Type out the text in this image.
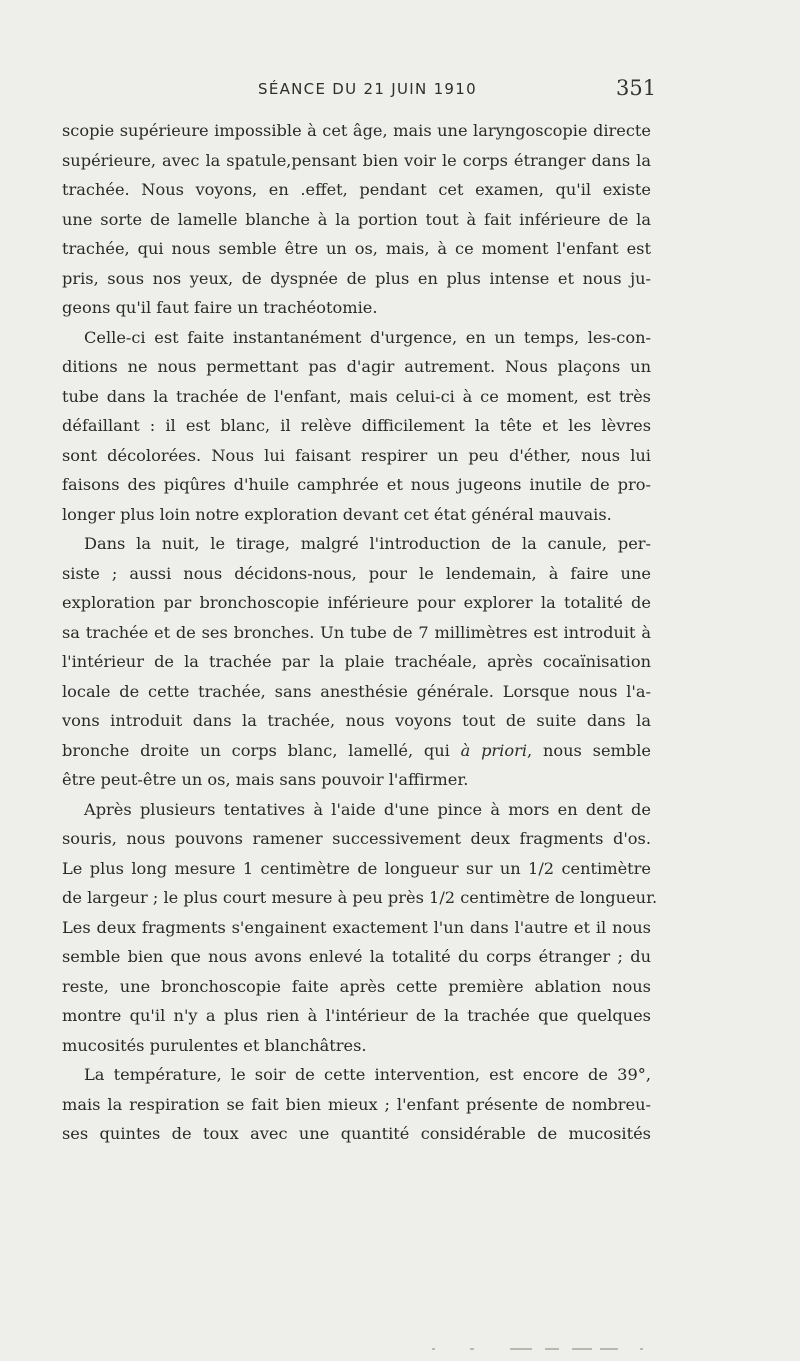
SÉANCE DU 21 JUIN 1910	351
scopie supérieure impossible à cet âge, mais une laryngoscopie directe
supérieure, avec la spatule,pensant bien voir le corps étranger dans la
trachée. Nous voyons, en .effet, pendant cet examen, qu'il existe
une sorte de lamelle blanche à la portion tout à fait inférieure de la
trachée, qui nous semble être un os, mais, à ce moment l'enfant est
pris, sous nos yeux, de dyspnée de plus en plus intense et nous ju-
geons qu'il faut faire un trachéotomie.
Celle-ci est faite instantanément d'urgence, en un temps, les-con-
ditions ne nous permettant pas d'agir autrement. Nous plaçons un
tube dans la trachée de l'enfant, mais celui-ci à ce moment, est très
défaillant : il est blanc, il relève difficilement la tête et les lèvres
sont décolorées. Nous lui faisant respirer un peu d'éther, nous lui
faisons des piqûres d'huile camphrée et nous jugeons inutile de pro-
longer plus loin notre exploration devant cet état général mauvais.
Dans la nuit, le tirage, malgré l'introduction de la canule, per-
siste ; aussi nous décidons-nous, pour le lendemain, à faire une
exploration par bronchoscopie inférieure pour explorer la totalité de
sa trachée et de ses bronches. Un tube de 7 millimètres est introduit à
l'intérieur de la trachée par la plaie trachéale, après cocaïnisation
locale de cette trachée, sans anesthésie générale. Lorsque nous l'a-
vons introduit dans la trachée, nous voyons tout de suite dans la
bronche droite un corps blanc, lamellé, qui à priori, nous semble
être peut-être un os, mais sans pouvoir l'affirmer.
Après plusieurs tentatives à l'aide d'une pince à mors en dent de
souris, nous pouvons ramener successivement deux fragments d'os.
Le plus long mesure 1 centimètre de longueur sur un 1/2 centimètre
de largeur ; le plus court mesure à peu près 1/2 centimètre de longueur.
Les deux fragments s'engainent exactement l'un dans l'autre et il nous
semble bien que nous avons enlevé la totalité du corps étranger ; du
reste, une bronchoscopie faite après cette première ablation nous
montre qu'il n'y a plus rien à l'intérieur de la trachée que quelques
mucosités purulentes et blanchâtres.
La température, le soir de cette intervention, est encore de 39°,
mais la respiration se fait bien mieux ; l'enfant présente de nombreu-
ses quintes de toux avec une quantité considérable de mucosités
